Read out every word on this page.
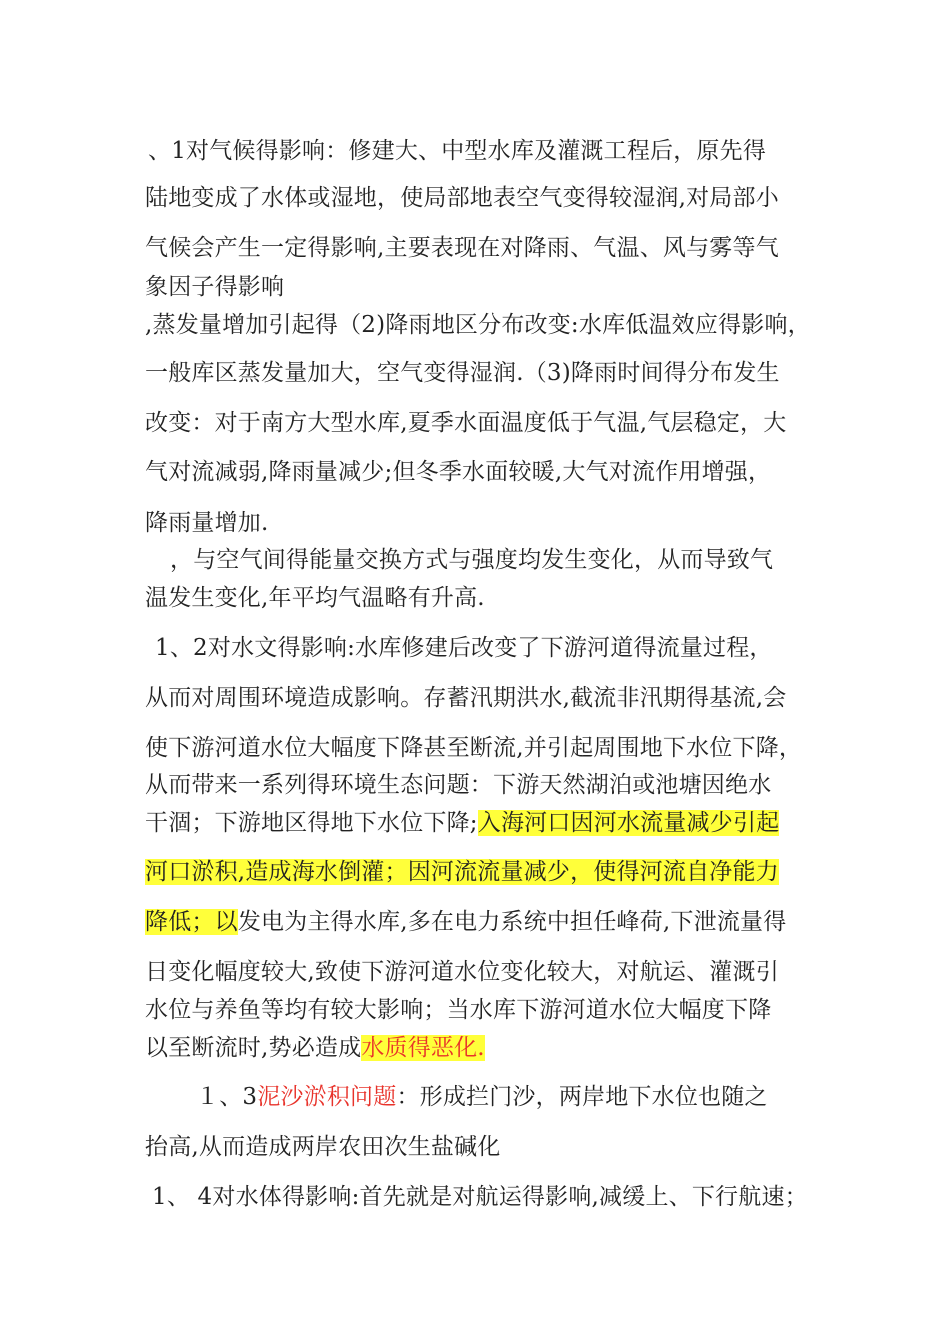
、1对气候得影响：修建大、中型水库及灌溉工程后，原先得
陆地变成了水体或湿地，使局部地表空气变得较湿润,对局部小
气候会产生一定得影响,主要表现在对降雨、气温、风与雾等气
象因子得影响
,蒸发量增加引起得（2)降雨地区分布改变:水库低温效应得影响，
一般库区蒸发量加大，空气变得湿润.（3)降雨时间得分布发生
改变：对于南方大型水库,夏季水面温度低于气温,气层稳定，大
气对流减弱,降雨量减少;但冬季水面较暖,大气对流作用增强，
降雨量增加.
，与空气间得能量交换方式与强度均发生变化，从而导致气
温发生变化,年平均气温略有升高.
1、2对水文得影响:水库修建后改变了下游河道得流量过程，
从而对周围环境造成影响。存蓄汛期洪水,截流非汛期得基流,会
使下游河道水位大幅度下降甚至断流,并引起周围地下水位下降，
从而带来一系列得环境生态问题：下游天然湖泊或池塘因绝水
干涸；下游地区得地下水位下降;入海河口因河水流量减少引起
河口淤积,造成海水倒灌；因河流流量减少，使得河流自净能力
降低；以发电为主得水库,多在电力系统中担任峰荷,下泄流量得
日变化幅度较大,致使下游河道水位变化较大，对航运、灌溉引
水位与养鱼等均有较大影响；当水库下游河道水位大幅度下降
以至断流时,势必造成水质得恶化.
１、3泥沙淤积问题：形成拦门沙，两岸地下水位也随之
抬高,从而造成两岸农田次生盐碱化
1、 4对水体得影响:首先就是对航运得影响,减缓上、下行航速；
